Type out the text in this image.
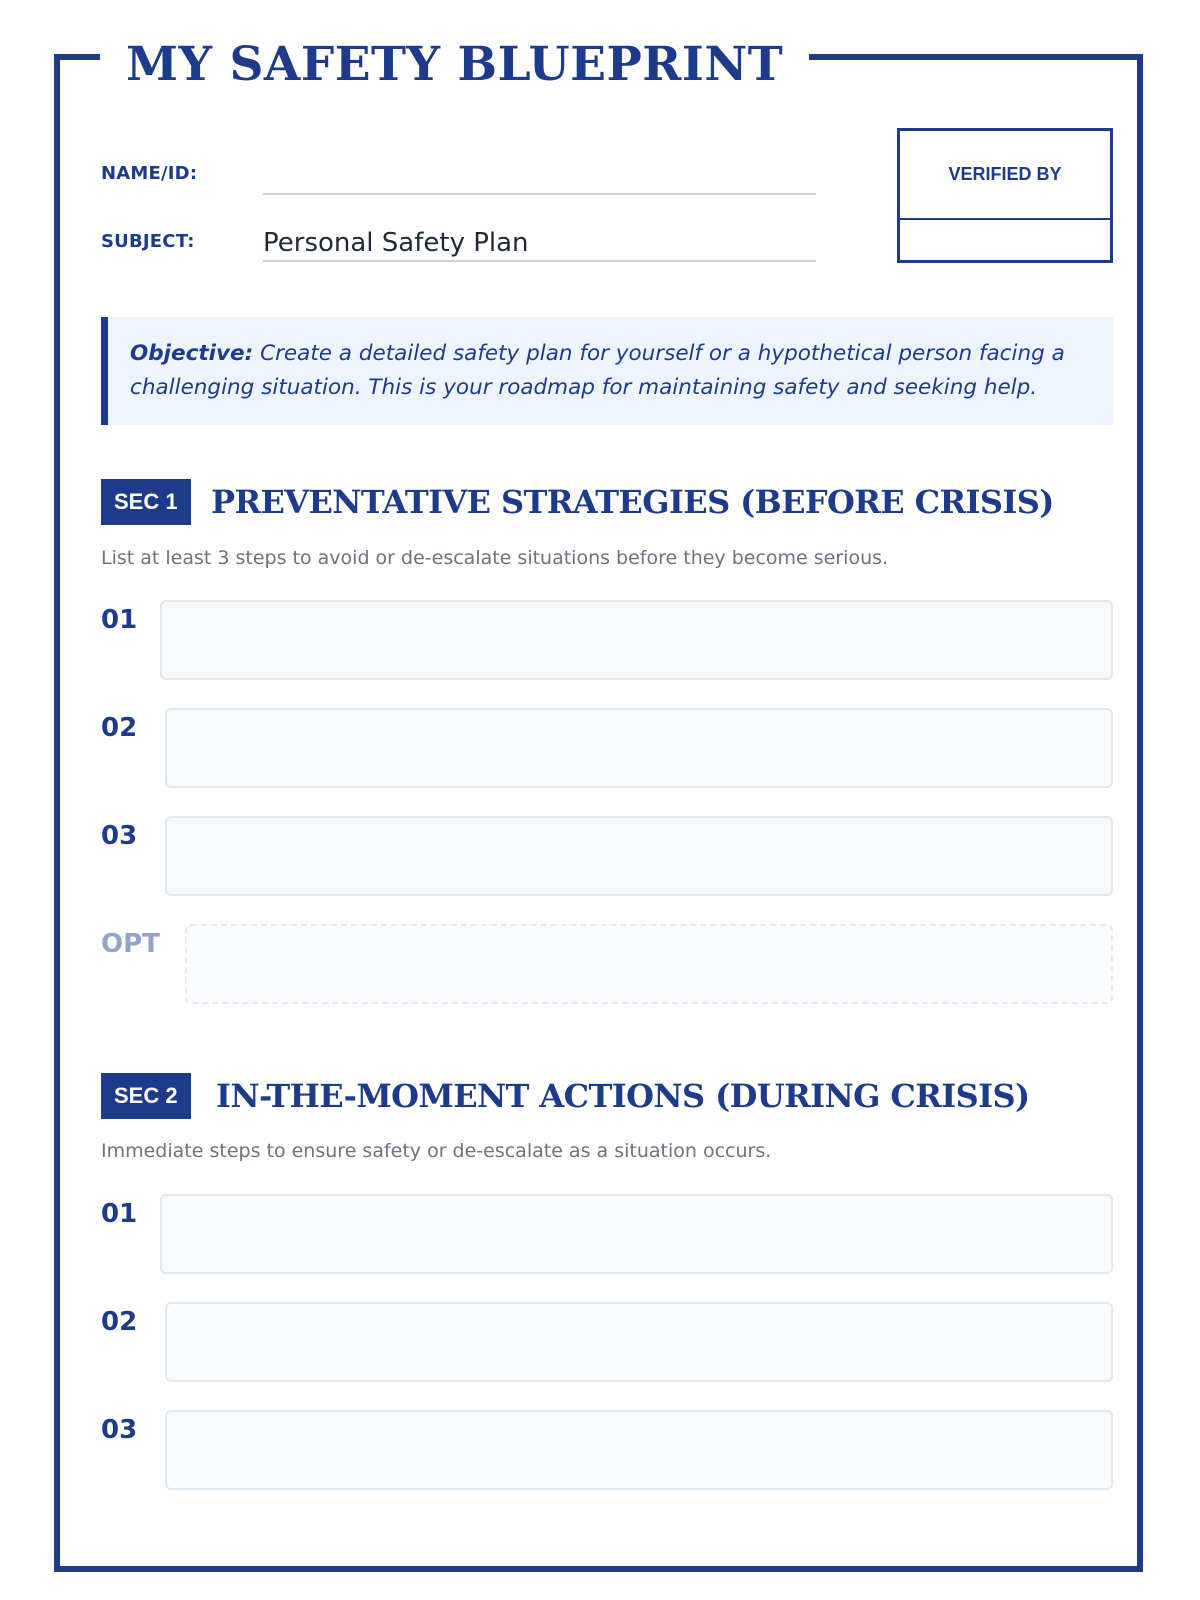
MY SAFETY BLUEPRINT
NAME/ID:
SUBJECT:	Personal Safety Plan
VERIFIED BY
Objective: Create a detailed safety plan for yourself or a hypothetical person facing a challenging situation. This is your roadmap for maintaining safety and seeking help.
SEC 1	PREVENTATIVE STRATEGIES (BEFORE CRISIS)
List at least 3 steps to avoid or de-escalate situations before they become serious.
01
02
03
OPT
SEC 2	IN-THE-MOMENT ACTIONS (DURING CRISIS)
Immediate steps to ensure safety or de-escalate as a situation occurs.
01
02
03
